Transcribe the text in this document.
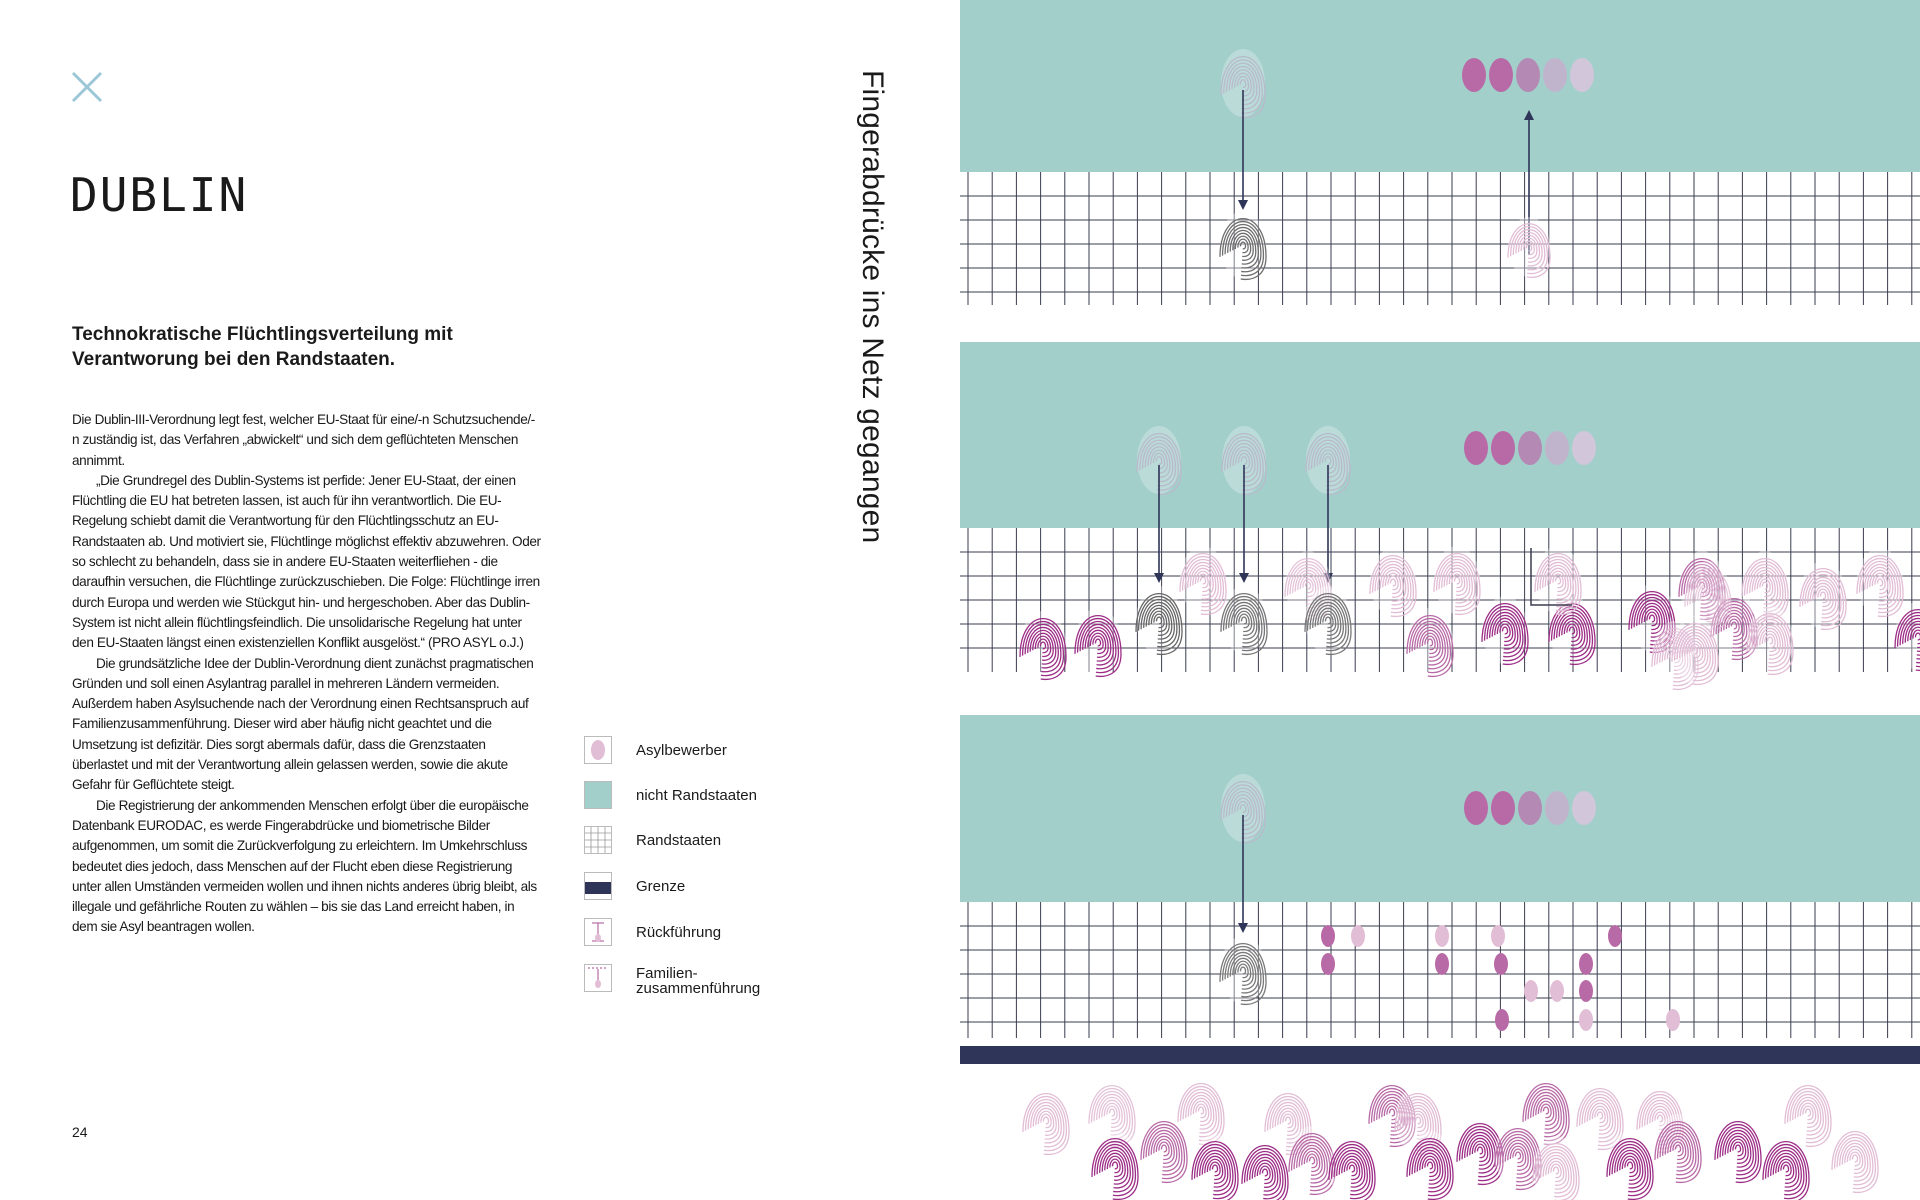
DUBLIN
Technokratische Flüchtlingsverteilung mit Verantworung bei den Randstaaten.

Die Dublin-III-Verordnung legt fest, welcher EU-Staat für eine/-n Schutzsuchende/-n zuständig ist, das Verfahren „abwickelt“ und sich dem geflüchteten Menschen annimmt.

„Die Grundregel des Dublin-Systems ist perfide: Jener EU-Staat, der einen Flüchtling die EU hat betreten lassen, ist auch für ihn verantwortlich. Die EU-Regelung schiebt damit die Verantwortung für den Flüchtlingsschutz an EU-Randstaaten ab. Und motiviert sie, Flüchtlinge möglichst effektiv abzuwehren. Oder so schlecht zu behandeln, dass sie in andere EU-Staaten weiterfliehen - die daraufhin versuchen, die Flüchtlinge zurückzuschieben. Die Folge: Flüchtlinge irren durch Europa und werden wie Stückgut hin- und hergeschoben. Aber das Dublin-System ist nicht allein flüchtlingsfeindlich. Die unsolidarische Regelung hat unter den EU-Staaten längst einen existenziellen Konflikt ausgelöst.“ (PRO ASYL o.J.)

Die grundsätzliche Idee der Dublin-Verordnung dient zunächst pragmatischen Gründen und soll einen Asylantrag parallel in mehreren Ländern vermeiden. Außerdem haben Asylsuchende nach der Verordnung einen Rechtsanspruch auf Familienzusammenführung. Dieser wird aber häufig nicht geachtet und die Umsetzung ist defizitär. Dies sorgt abermals dafür, dass die Grenzstaaten überlastet und mit der Verantwortung allein gelassen werden, sowie die akute Gefahr für Geflüchtete steigt.

Die Registrierung der ankommenden Menschen erfolgt über die europäische Datenbank EURODAC, es werde Fingerabdrücke und biometrische Bilder aufgenommen, um somit die Zurückverfolgung zu erleichtern. Im Umkehrschluss bedeutet dies jedoch, dass Menschen auf der Flucht eben diese Registrierung unter allen Umständen vermeiden wollen und ihnen nichts anderes übrig bleibt, als illegale und gefährliche Routen zu wählen – bis sie das Land erreicht haben, in dem sie Asyl beantragen wollen.

24
Fingerabdrücke ins Netz gegangen
Asylbewerber
nicht Randstaaten
Randstaaten
Grenze
Rückführung
Familien-zusammenführung
